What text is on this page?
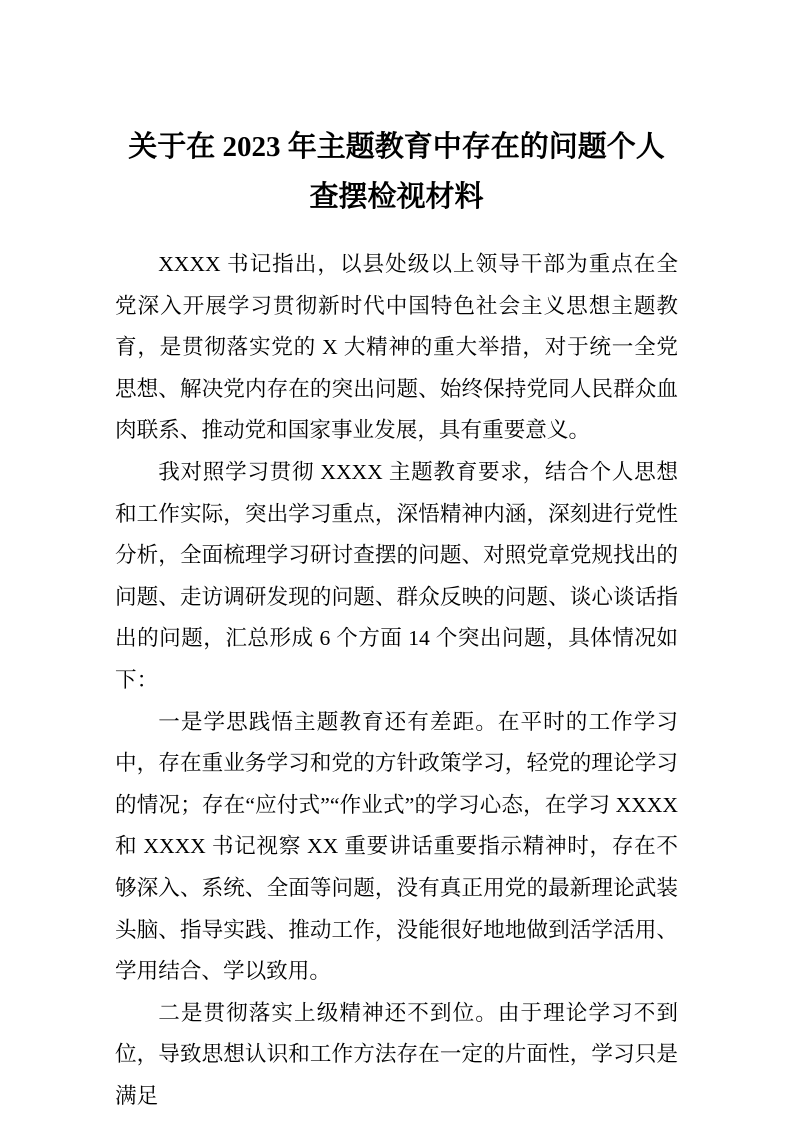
关于在 2023 年主题教育中存在的问题个人查摆检视材料

XXXX 书记指出，以县处级以上领导干部为重点在全党深入开展学习贯彻新时代中国特色社会主义思想主题教育，是贯彻落实党的 X 大精神的重大举措，对于统一全党思想、解决党内存在的突出问题、始终保持党同人民群众血肉联系、推动党和国家事业发展，具有重要意义。

我对照学习贯彻 XXXX 主题教育要求，结合个人思想和工作实际，突出学习重点，深悟精神内涵，深刻进行党性分析，全面梳理学习研讨查摆的问题、对照党章党规找出的问题、走访调研发现的问题、群众反映的问题、谈心谈话指出的问题，汇总形成 6 个方面 14 个突出问题，具体情况如下：

一是学思践悟主题教育还有差距。在平时的工作学习中，存在重业务学习和党的方针政策学习，轻党的理论学习的情况；存在“应付式”“作业式”的学习心态，在学习 XXXX 和 XXXX 书记视察 XX 重要讲话重要指示精神时，存在不够深入、系统、全面等问题，没有真正用党的最新理论武装头脑、指导实践、推动工作，没能很好地地做到活学活用、学用结合、学以致用。

二是贯彻落实上级精神还不到位。由于理论学习不到位，导致思想认识和工作方法存在一定的片面性，学习只是满足
